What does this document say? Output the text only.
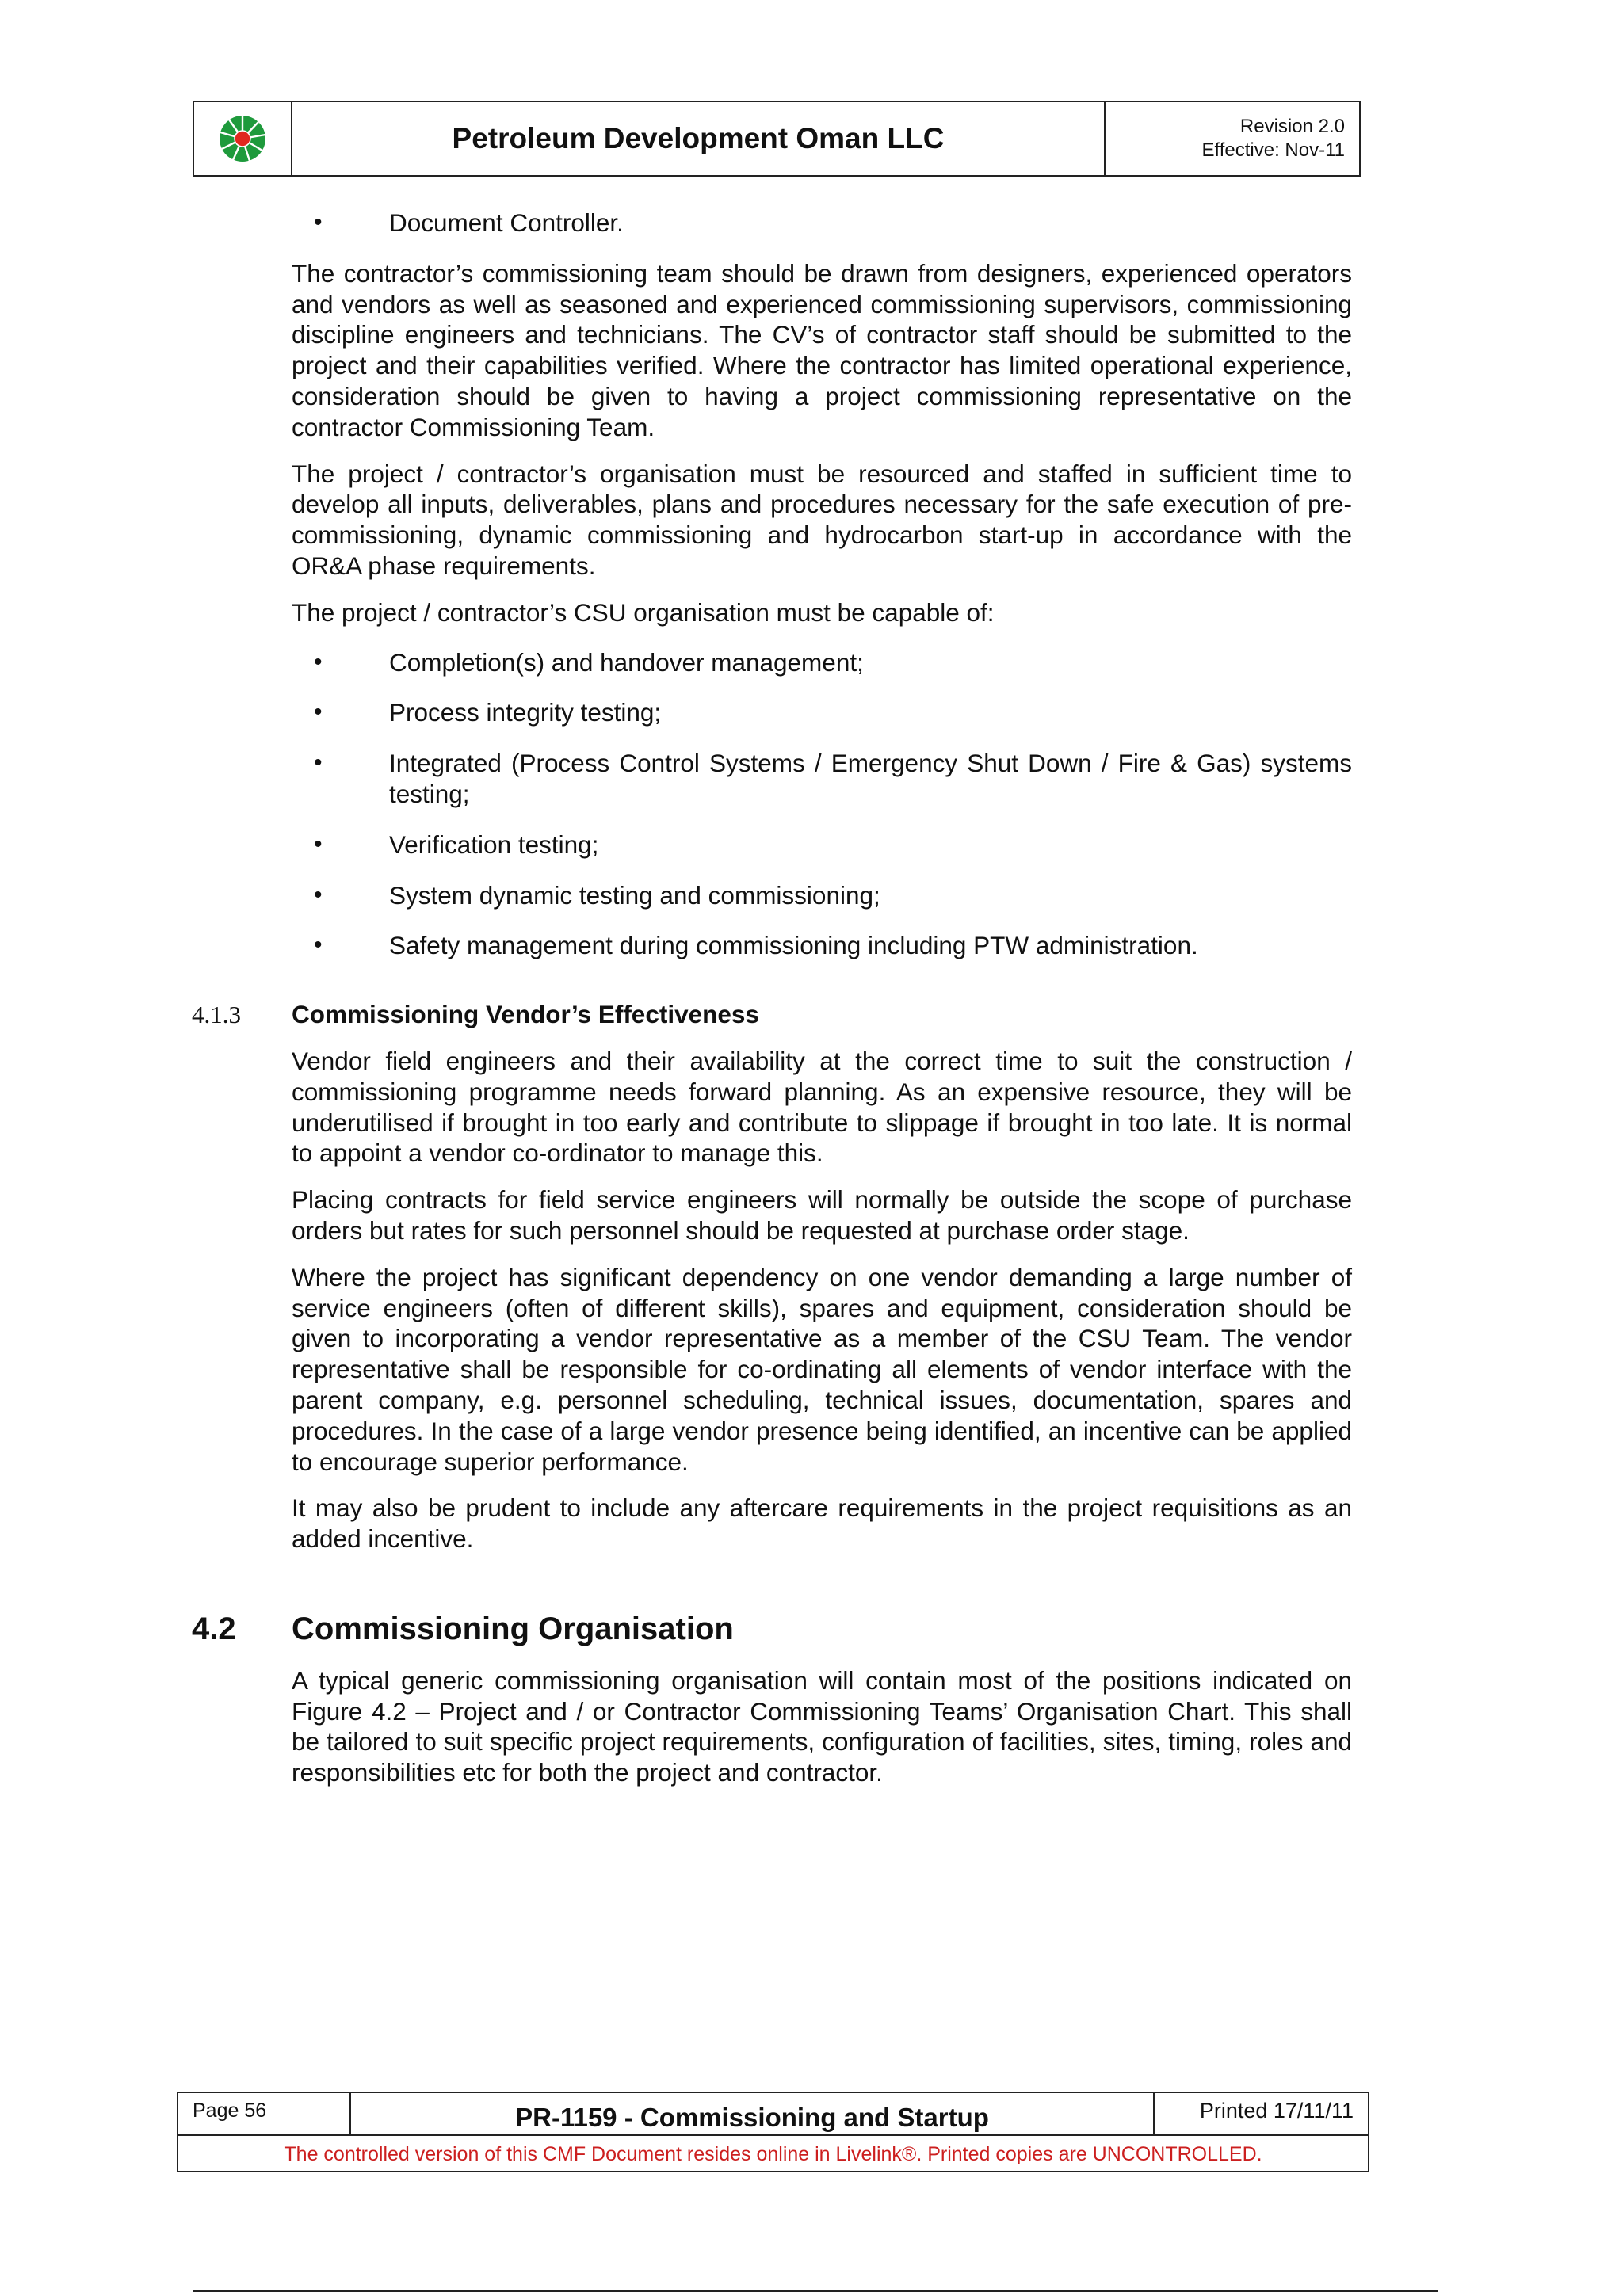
Petroleum Development Oman LLC	Revision 2.0
Effective: Nov-11
•	Document Controller.

The contractor’s commissioning team should be drawn from designers, experienced operators and vendors as well as seasoned and experienced commissioning supervisors, commissioning discipline engineers and technicians. The CV’s of contractor staff should be submitted to the project and their capabilities verified. Where the contractor has limited operational experience, consideration should be given to having a project commissioning representative on the contractor Commissioning Team.

The project / contractor’s organisation must be resourced and staffed in sufficient time to develop all inputs, deliverables, plans and procedures necessary for the safe execution of pre-commissioning, dynamic commissioning and hydrocarbon start-up in accordance with the OR&A phase requirements.

The project / contractor’s CSU organisation must be capable of:

•	Completion(s) and handover management;
•	Process integrity testing;
•	Integrated (Process Control Systems / Emergency Shut Down / Fire & Gas) systems testing;
•	Verification testing;
•	System dynamic testing and commissioning;
•	Safety management during commissioning including PTW administration.
4.1.3 Commissioning Vendor’s Effectiveness

Vendor field engineers and their availability at the correct time to suit the construction / commissioning programme needs forward planning. As an expensive resource, they will be underutilised if brought in too early and contribute to slippage if brought in too late. It is normal to appoint a vendor co-ordinator to manage this.

Placing contracts for field service engineers will normally be outside the scope of purchase orders but rates for such personnel should be requested at purchase order stage.

Where the project has significant dependency on one vendor demanding a large number of service engineers (often of different skills), spares and equipment, consideration should be given to incorporating a vendor representative as a member of the CSU Team. The vendor representative shall be responsible for co-ordinating all elements of vendor interface with the parent company, e.g. personnel scheduling, technical issues, documentation, spares and procedures. In the case of a large vendor presence being identified, an incentive can be applied to encourage superior performance.

It may also be prudent to include any aftercare requirements in the project requisitions as an added incentive.

4.2 Commissioning Organisation

A typical generic commissioning organisation will contain most of the positions indicated on Figure 4.2 – Project and / or Contractor Commissioning Teams’ Organisation Chart. This shall be tailored to suit specific project requirements, configuration of facilities, sites, timing, roles and responsibilities etc for both the project and contractor.

Page 56	PR-1159 - Commissioning and Startup	Printed 17/11/11
The controlled version of this CMF Document resides online in Livelink®. Printed copies are UNCONTROLLED.
